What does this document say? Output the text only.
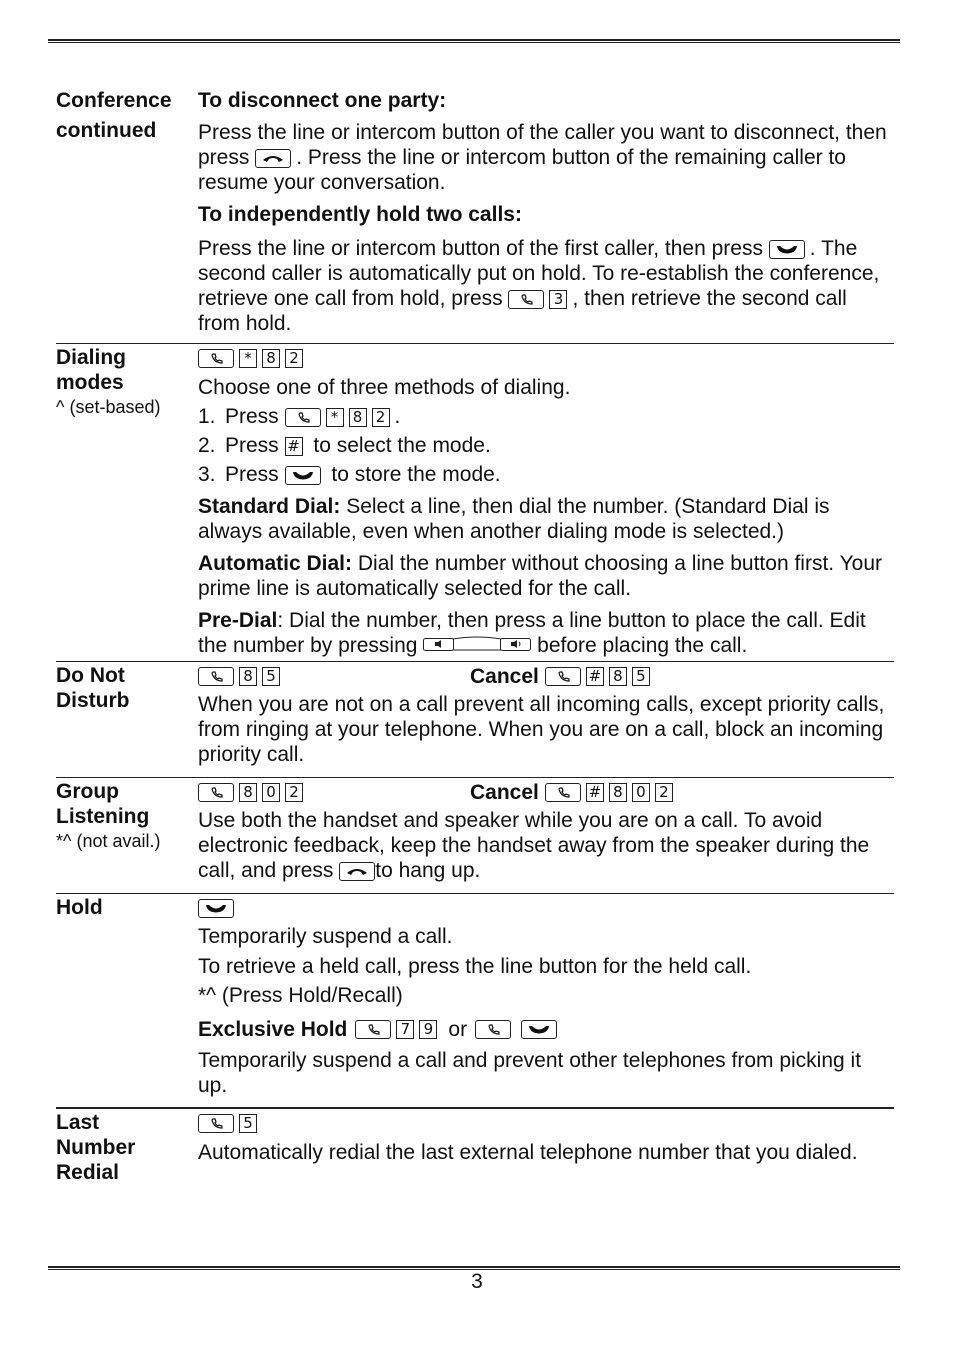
Conference
continued

To disconnect one party:

Press the line or intercom button of the caller you want to disconnect, then press . Press the line or intercom button of the remaining caller to resume your conversation.

To independently hold two calls:

Press the line or intercom button of the first caller, then press . The second caller is automatically put on hold. To re-establish the conference, retrieve one call from hold, press	3 , then retrieve the second call from hold.

Dialing
modes
^ (set-based)
* 8 2

Choose one of three methods of dialing.

1. Press	* 8 2 .
2. Press # to select the mode.
3. Press	to store the mode.

Standard Dial: Select a line, then dial the number. (Standard Dial is always available, even when another dialing mode is selected.)

Automatic Dial: Dial the number without choosing a line button first. Your prime line is automatically selected for the call.

Pre-Dial: Dial the number, then press a line button to place the call. Edit the number by pressing	before placing the call.

Do Not
Disturb
8 5	Cancel	# 8 5

When you are not on a call prevent all incoming calls, except priority calls, from ringing at your telephone. When you are on a call, block an incoming priority call.

Group
Listening
*^ (not avail.)
8 0 2	Cancel	# 8 0 2

Use both the handset and speaker while you are on a call. To avoid electronic feedback, keep the handset away from the speaker during the call, and press to hang up.

Hold

Temporarily suspend a call.

To retrieve a held call, press the line button for the held call.

*^ (Press Hold/Recall)

Exclusive Hold	7 9 or

Temporarily suspend a call and prevent other telephones from picking it up.

Last
Number
Redial
5

Automatically redial the last external telephone number that you dialed.

3
